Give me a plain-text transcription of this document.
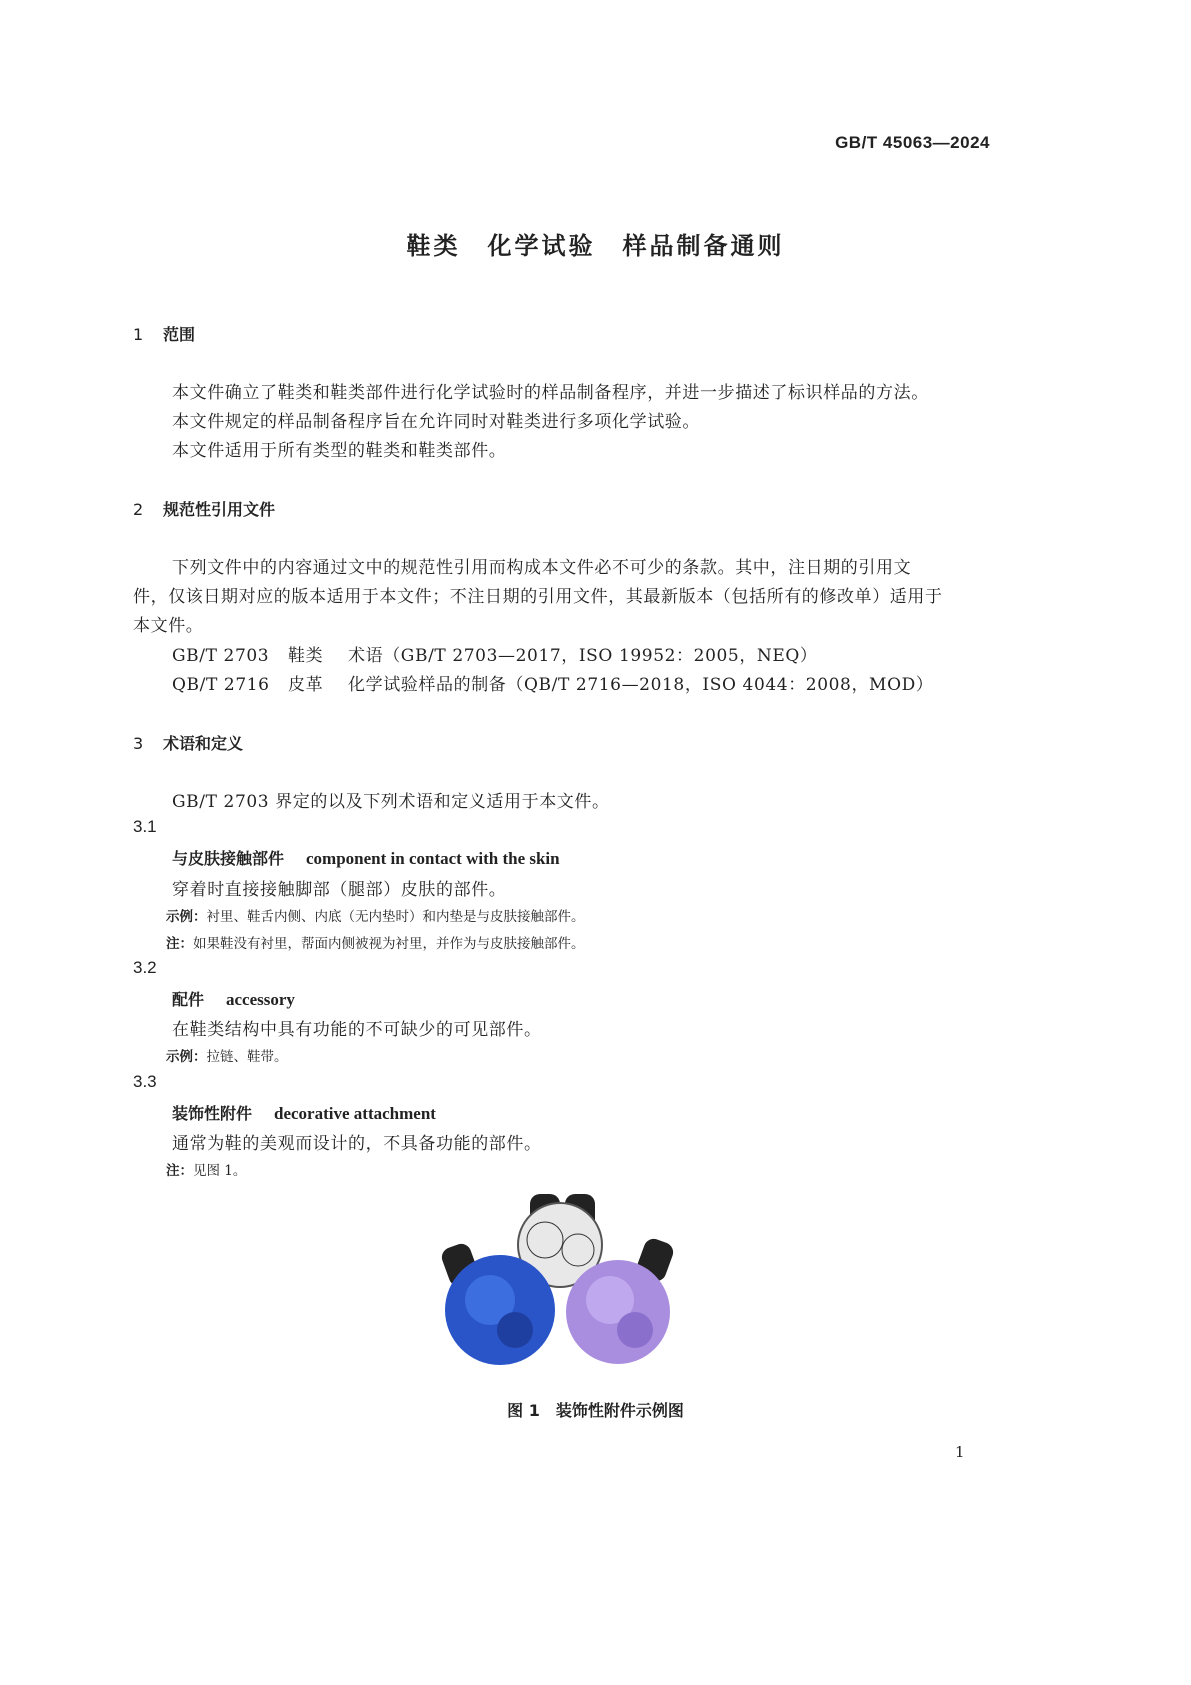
GB/T 45063—2024
鞋类　化学试验　样品制备通则
1 范围
本文件确立了鞋类和鞋类部件进行化学试验时的样品制备程序，并进一步描述了标识样品的方法。
本文件规定的样品制备程序旨在允许同时对鞋类进行多项化学试验。
本文件适用于所有类型的鞋类和鞋类部件。
2 规范性引用文件
下列文件中的内容通过文中的规范性引用而构成本文件必不可少的条款。其中，注日期的引用文
件，仅该日期对应的版本适用于本文件；不注日期的引用文件，其最新版本（包括所有的修改单）适用于
本文件。
GB/T 2703 鞋类 术语（GB/T 2703—2017，ISO 19952：2005，NEQ）
QB/T 2716 皮革 化学试验样品的制备（QB/T 2716—2018，ISO 4044：2008，MOD）
3 术语和定义
GB/T 2703 界定的以及下列术语和定义适用于本文件。
3.1
与皮肤接触部件 component in contact with the skin
穿着时直接接触脚部（腿部）皮肤的部件。
示例：衬里、鞋舌内侧、内底（无内垫时）和内垫是与皮肤接触部件。
注：如果鞋没有衬里，帮面内侧被视为衬里，并作为与皮肤接触部件。
3.2
配件 accessory
在鞋类结构中具有功能的不可缺少的可见部件。
示例：拉链、鞋带。
3.3
装饰性附件 decorative attachment
通常为鞋的美观而设计的，不具备功能的部件。
注：见图 1。
图 1　装饰性附件示例图
1
